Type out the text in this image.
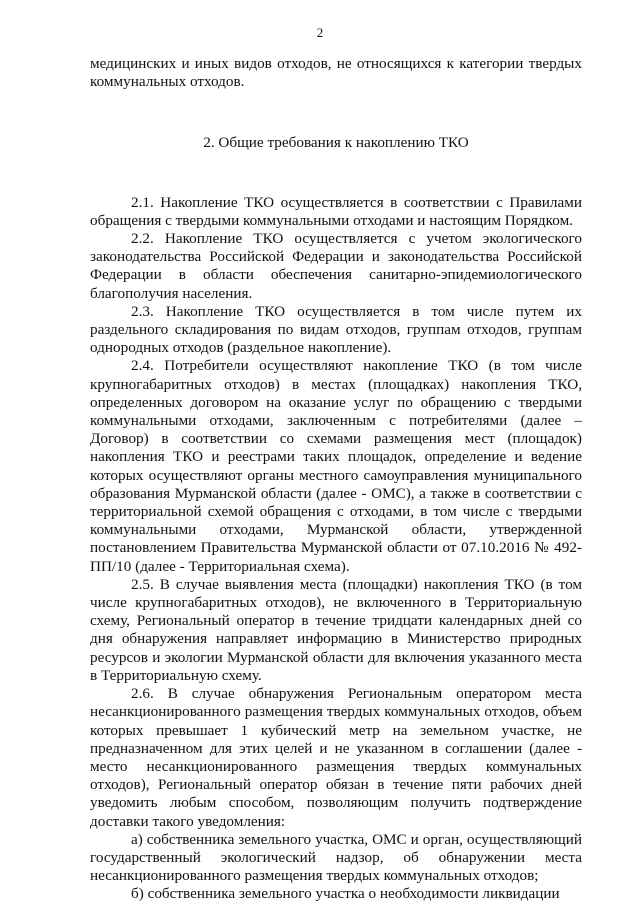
2

медицинских и иных видов отходов, не относящихся к категории твердых коммунальных отходов.

2. Общие требования к накоплению ТКО

2.1. Накопление ТКО осуществляется в соответствии с Правилами обращения с твердыми коммунальными отходами и настоящим Порядком.

2.2. Накопление ТКО осуществляется с учетом экологического законодательства Российской Федерации и законодательства Российской Федерации в области обеспечения санитарно-эпидемиологического благополучия населения.

2.3. Накопление ТКО осуществляется в том числе путем их раздельного складирования по видам отходов, группам отходов, группам однородных отходов (раздельное накопление).

2.4. Потребители осуществляют накопление ТКО (в том числе крупногабаритных отходов) в местах (площадках) накопления ТКО, определенных договором на оказание услуг по обращению с твердыми коммунальными отходами, заключенным с потребителями (далее – Договор) в соответствии со схемами размещения мест (площадок) накопления ТКО и реестрами таких площадок, определение и ведение которых осуществляют органы местного самоуправления муниципального образования Мурманской области (далее - ОМС), а также в соответствии с территориальной схемой обращения с отходами, в том числе с твердыми коммунальными отходами, Мурманской области, утвержденной постановлением Правительства Мурманской области от 07.10.2016 № 492-ПП/10 (далее - Территориальная схема).

2.5. В случае выявления места (площадки) накопления ТКО (в том числе крупногабаритных отходов), не включенного в Территориальную схему, Региональный оператор в течение тридцати календарных дней со дня обнаружения направляет информацию в Министерство природных ресурсов и экологии Мурманской области для включения указанного места в Территориальную схему.

2.6. В случае обнаружения Региональным оператором места несанкционированного размещения твердых коммунальных отходов, объем которых превышает 1 кубический метр на земельном участке, не предназначенном для этих целей и не указанном в соглашении (далее - место несанкционированного размещения твердых коммунальных отходов), Региональный оператор обязан в течение пяти рабочих дней уведомить любым способом, позволяющим получить подтверждение доставки такого уведомления:

а) собственника земельного участка, ОМС и орган, осуществляющий государственный экологический надзор, об обнаружении места несанкционированного размещения твердых коммунальных отходов;

б) собственника земельного участка о необходимости ликвидации
